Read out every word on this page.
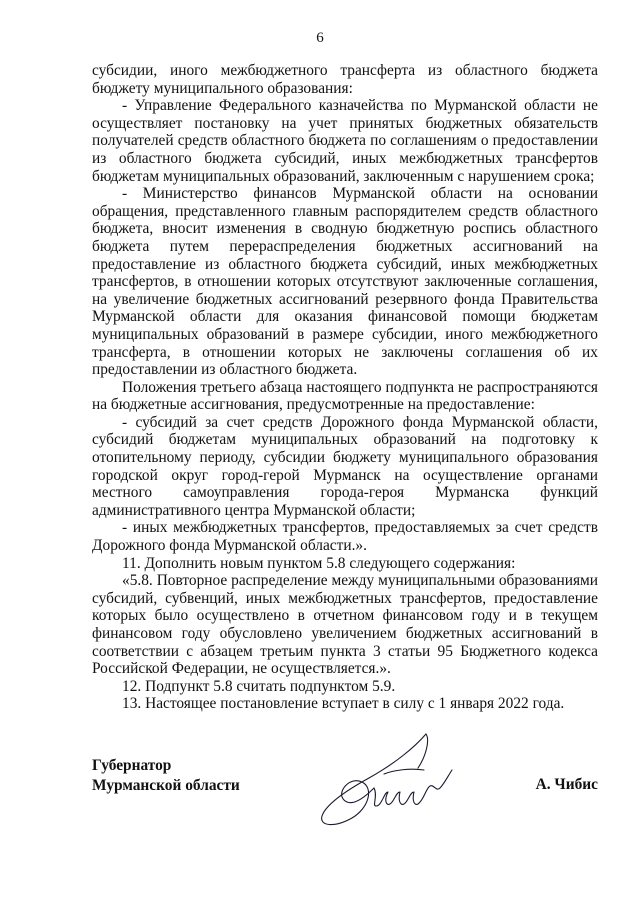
6

субсидии, иного межбюджетного трансферта из областного бюджета бюджету муниципального образования:

- Управление Федерального казначейства по Мурманской области не осуществляет постановку на учет принятых бюджетных обязательств получателей средств областного бюджета по соглашениям о предоставлении из областного бюджета субсидий, иных межбюджетных трансфертов бюджетам муниципальных образований, заключенным с нарушением срока;

- Министерство финансов Мурманской области на основании обращения, представленного главным распорядителем средств областного бюджета, вносит изменения в сводную бюджетную роспись областного бюджета путем перераспределения бюджетных ассигнований на предоставление из областного бюджета субсидий, иных межбюджетных трансфертов, в отношении которых отсутствуют заключенные соглашения, на увеличение бюджетных ассигнований резервного фонда Правительства Мурманской области для оказания финансовой помощи бюджетам муниципальных образований в размере субсидии, иного межбюджетного трансферта, в отношении которых не заключены соглашения об их предоставлении из областного бюджета.

Положения третьего абзаца настоящего подпункта не распространяются на бюджетные ассигнования, предусмотренные на предоставление:

- субсидий за счет средств Дорожного фонда Мурманской области, субсидий бюджетам муниципальных образований на подготовку к отопительному периоду, субсидии бюджету муниципального образования городской округ город-герой Мурманск на осуществление органами местного самоуправления города-героя Мурманска функций административного центра Мурманской области;

- иных межбюджетных трансфертов, предоставляемых за счет средств Дорожного фонда Мурманской области.».

11. Дополнить новым пунктом 5.8 следующего содержания:

«5.8. Повторное распределение между муниципальными образованиями субсидий, субвенций, иных межбюджетных трансфертов, предоставление которых было осуществлено в отчетном финансовом году и в текущем финансовом году обусловлено увеличением бюджетных ассигнований в соответствии с абзацем третьим пункта 3 статьи 95 Бюджетного кодекса Российской Федерации, не осуществляется.».

12. Подпункт 5.8 считать подпунктом 5.9.

13. Настоящее постановление вступает в силу с 1 января 2022 года.

Губернатор
Мурманской области	А. Чибис
